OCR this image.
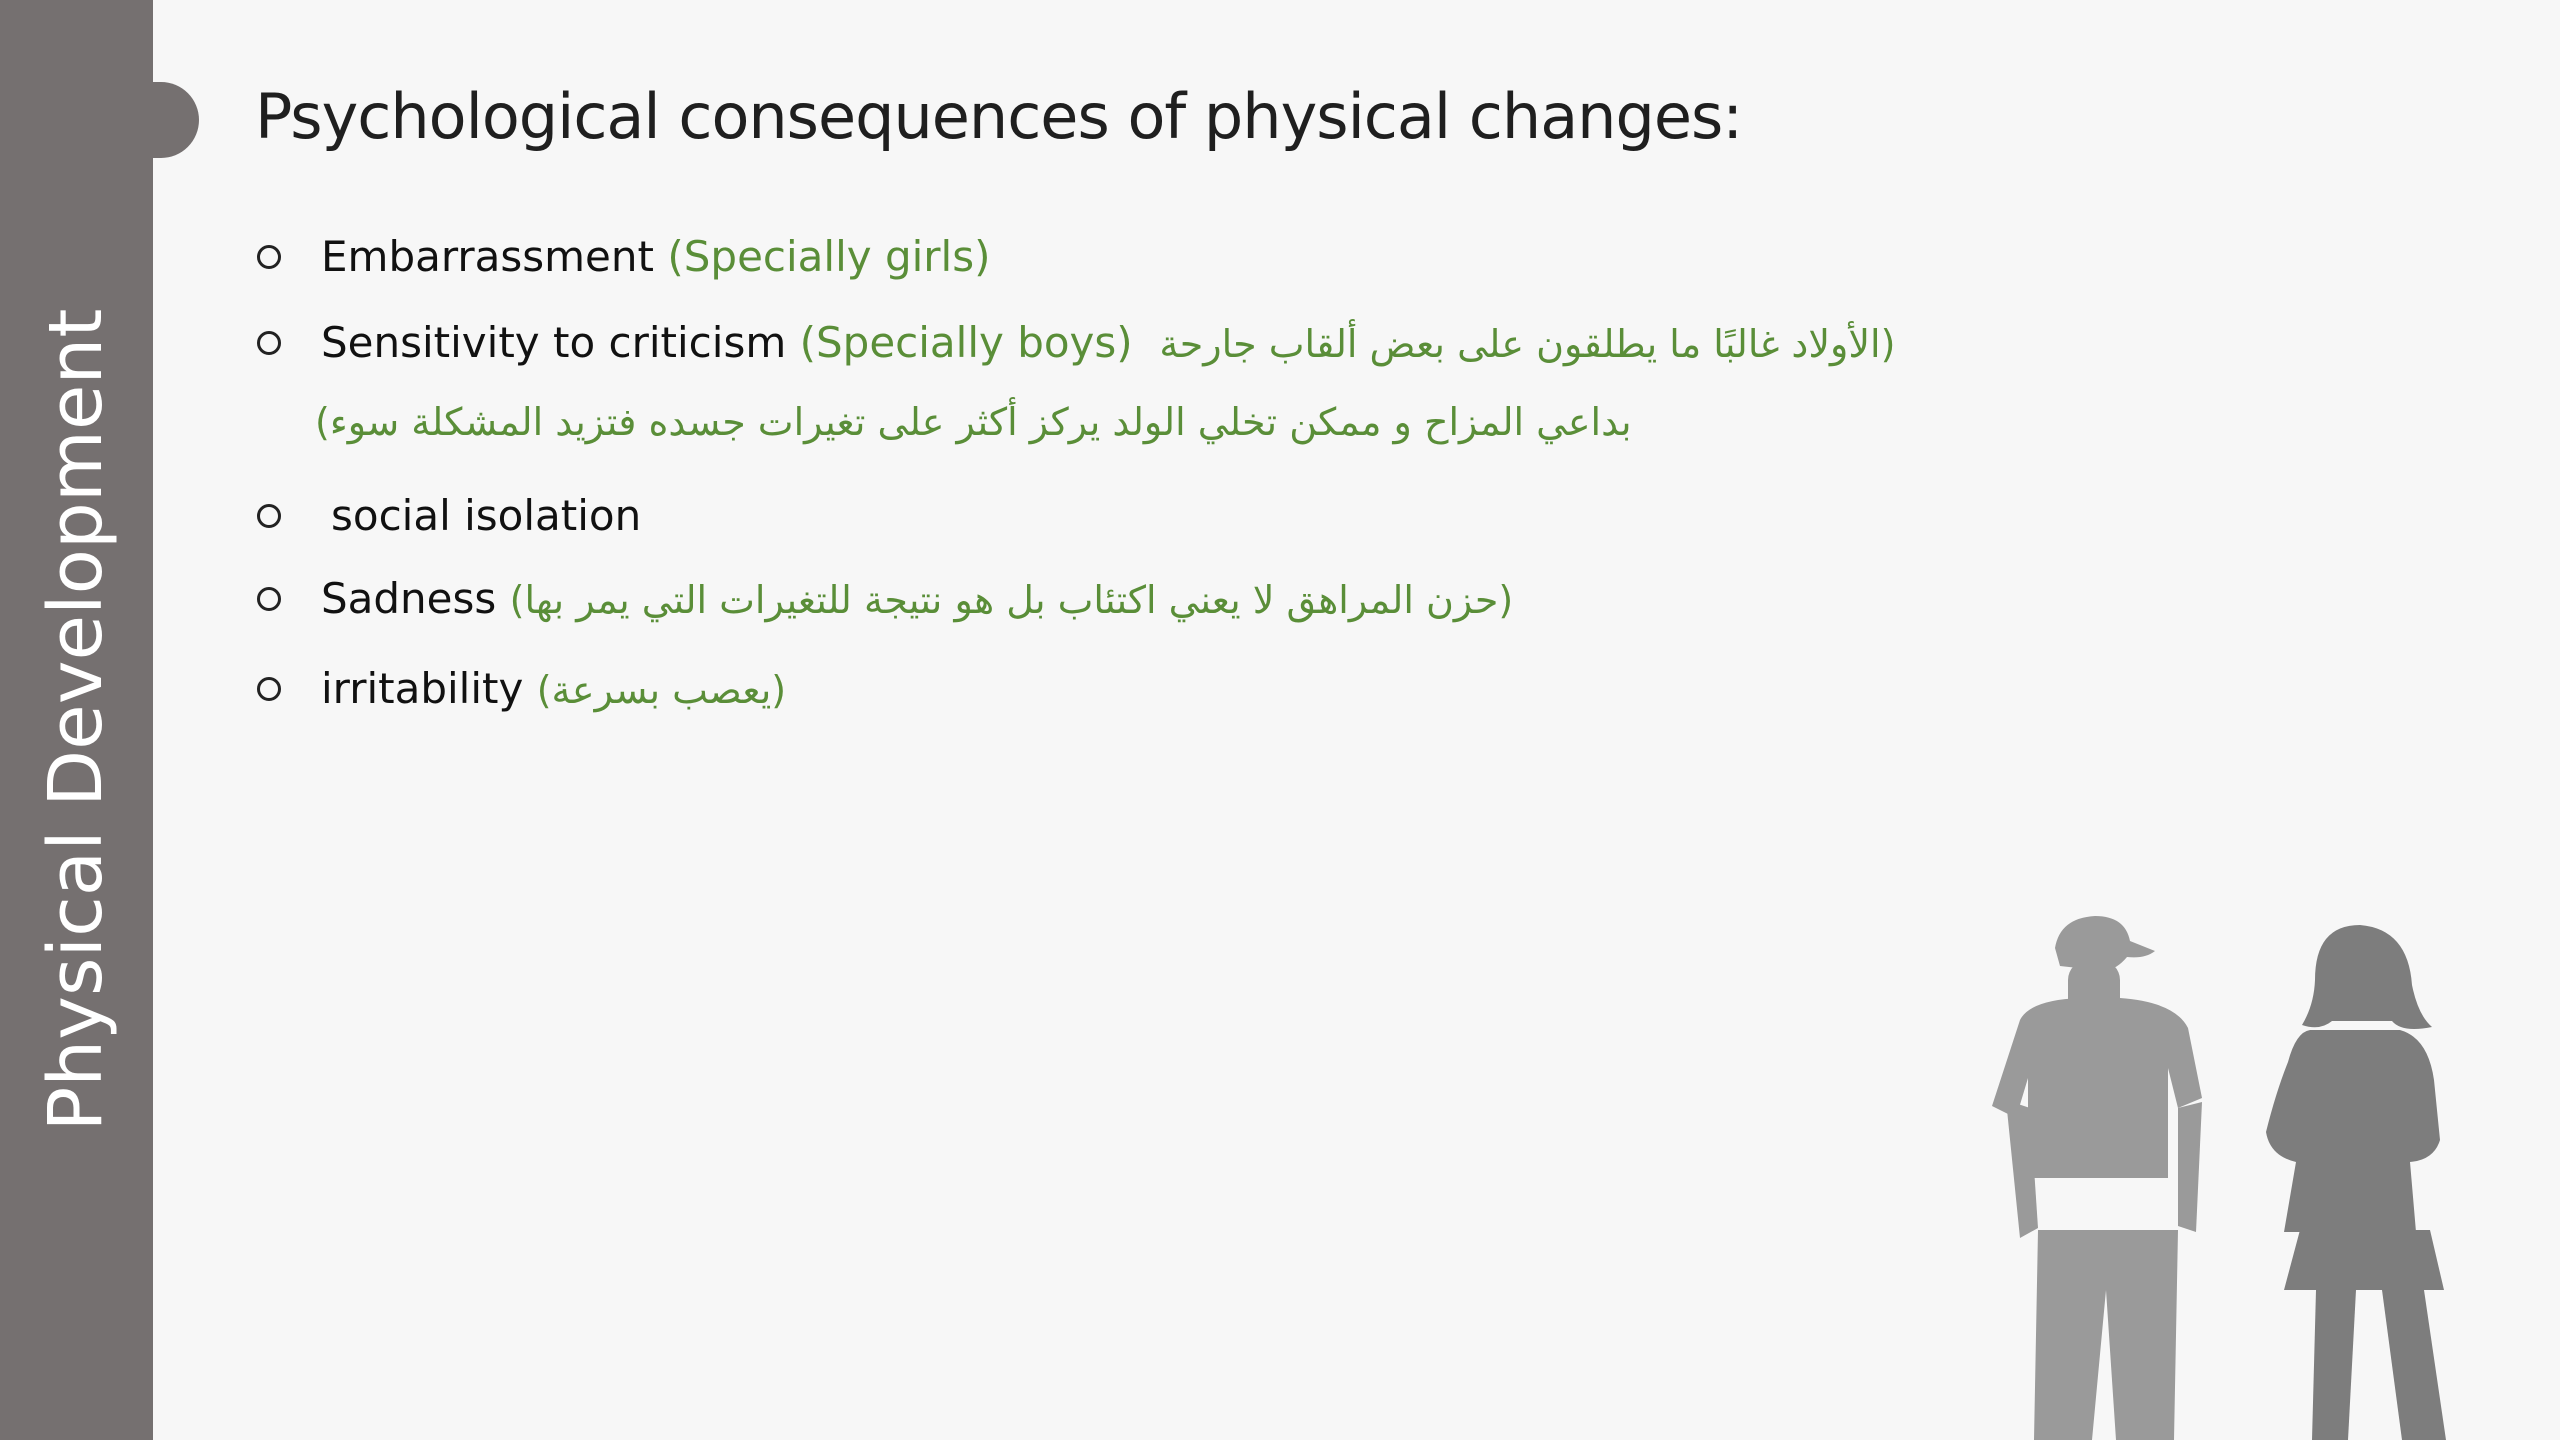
Physical Development
Psychological consequences of physical changes:
Embarrassment (Specially girls)
Sensitivity to criticism (Specially boys) (الأولاد غالبًا ما يطلقون على بعض ألقاب جارحة
بداعي المزاح و ممكن تخلي الولد يركز أكثر على تغيرات جسده فتزيد المشكلة سوء)
social isolation
Sadness (حزن المراهق لا يعني اكتئاب بل هو نتيجة للتغيرات التي يمر بها)
irritability (يعصب بسرعة)
